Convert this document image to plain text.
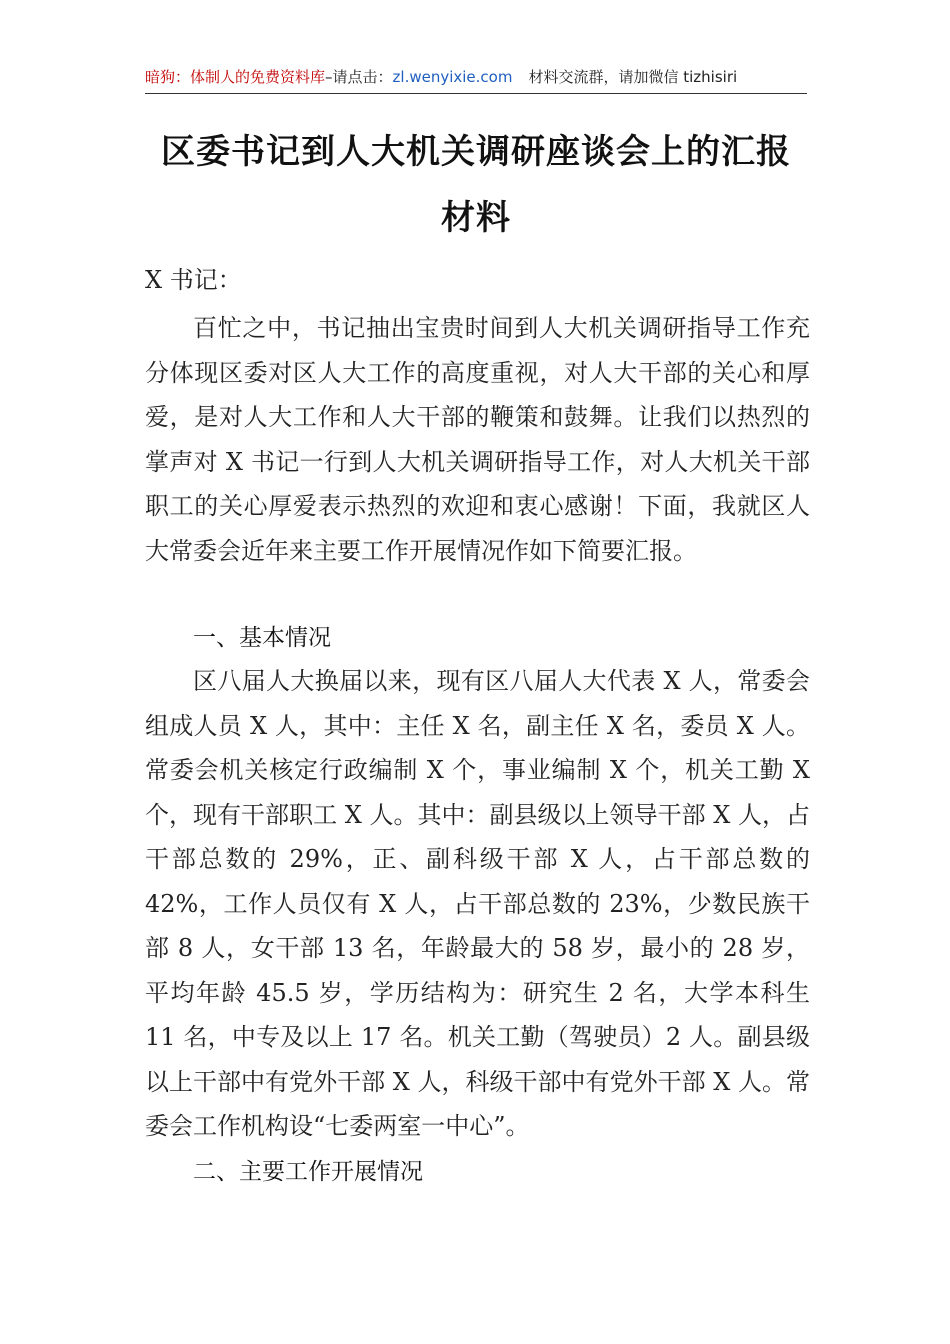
暗狗：体制人的免费资料库–请点击：zl.wenyixie.com 材料交流群，请加微信 tizhisiri
区委书记到人大机关调研座谈会上的汇报
材料
X 书记：

百忙之中，书记抽出宝贵时间到人大机关调研指导工作充分体现区委对区人大工作的高度重视，对人大干部的关心和厚爱，是对人大工作和人大干部的鞭策和鼓舞。让我们以热烈的掌声对 X 书记一行到人大机关调研指导工作，对人大机关干部职工的关心厚爱表示热烈的欢迎和衷心感谢！下面，我就区人大常委会近年来主要工作开展情况作如下简要汇报。

一、基本情况

区八届人大换届以来，现有区八届人大代表 X 人，常委会组成人员 X 人，其中：主任 X 名，副主任 X 名，委员 X 人。常委会机关核定行政编制 X 个，事业编制 X 个，机关工勤 X 个，现有干部职工 X 人。其中：副县级以上领导干部 X 人，占干部总数的 29%，正、副科级干部 X 人，占干部总数的 42%，工作人员仅有 X 人，占干部总数的 23%，少数民族干部 8 人，女干部 13 名，年龄最大的 58 岁，最小的 28 岁，平均年龄 45.5 岁，学历结构为：研究生 2 名，大学本科生 11 名，中专及以上 17 名。机关工勤（驾驶员）2 人。副县级以上干部中有党外干部 X 人，科级干部中有党外干部 X 人。常委会工作机构设“七委两室一中心”。

二、主要工作开展情况
